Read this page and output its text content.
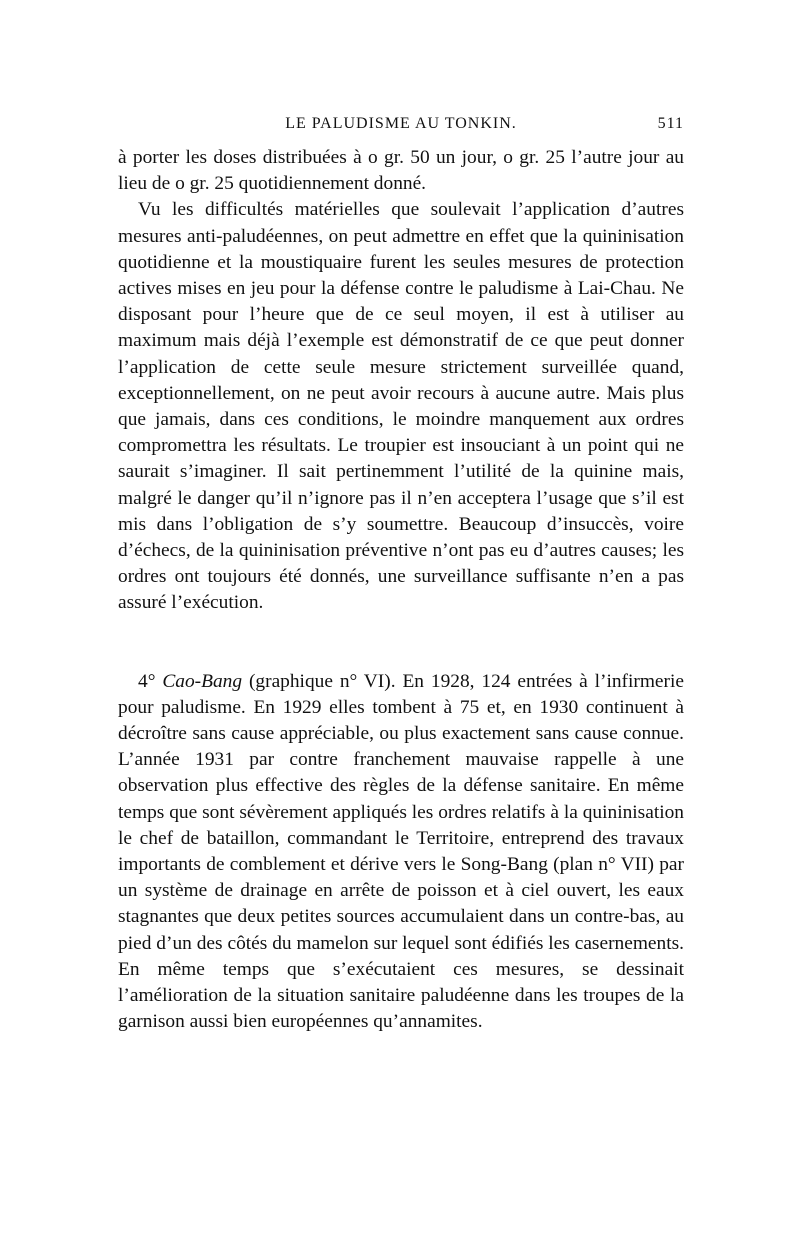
LE PALUDISME AU TONKIN.	511

à porter les doses distribuées à o gr. 50 un jour, o gr. 25 l’autre jour au lieu de o gr. 25 quotidiennement donné.

Vu les difficultés matérielles que soulevait l’application d’autres mesures anti-paludéennes, on peut admettre en effet que la quininisation quotidienne et la moustiquaire furent les seules mesures de protection actives mises en jeu pour la défense contre le paludisme à Lai-Chau. Ne disposant pour l’heure que de ce seul moyen, il est à utiliser au maximum mais déjà l’exemple est démonstratif de ce que peut donner l’application de cette seule mesure strictement surveillée quand, exceptionnellement, on ne peut avoir recours à aucune autre. Mais plus que jamais, dans ces conditions, le moindre manquement aux ordres compromettra les résultats. Le troupier est insouciant à un point qui ne saurait s’imaginer. Il sait pertinemment l’utilité de la quinine mais, malgré le danger qu’il n’ignore pas il n’en acceptera l’usage que s’il est mis dans l’obligation de s’y soumettre. Beaucoup d’insuccès, voire d’échecs, de la quininisation préventive n’ont pas eu d’autres causes; les ordres ont toujours été donnés, une surveillance suffisante n’en a pas assuré l’exécution.

4° Cao-Bang (graphique n° VI). En 1928, 124 entrées à l’infirmerie pour paludisme. En 1929 elles tombent à 75 et, en 1930 continuent à décroître sans cause appréciable, ou plus exactement sans cause connue. L’année 1931 par contre franchement mauvaise rappelle à une observation plus effective des règles de la défense sanitaire. En même temps que sont sévèrement appliqués les ordres relatifs à la quininisation le chef de bataillon, commandant le Territoire, entreprend des travaux importants de comblement et dérive vers le Song-Bang (plan n° VII) par un système de drainage en arrête de poisson et à ciel ouvert, les eaux stagnantes que deux petites sources accumulaient dans un contre-bas, au pied d’un des côtés du mamelon sur lequel sont édifiés les casernements. En même temps que s’exécutaient ces mesures, se dessinait l’amélioration de la situation sanitaire paludéenne dans les troupes de la garnison aussi bien européennes qu’annamites.
